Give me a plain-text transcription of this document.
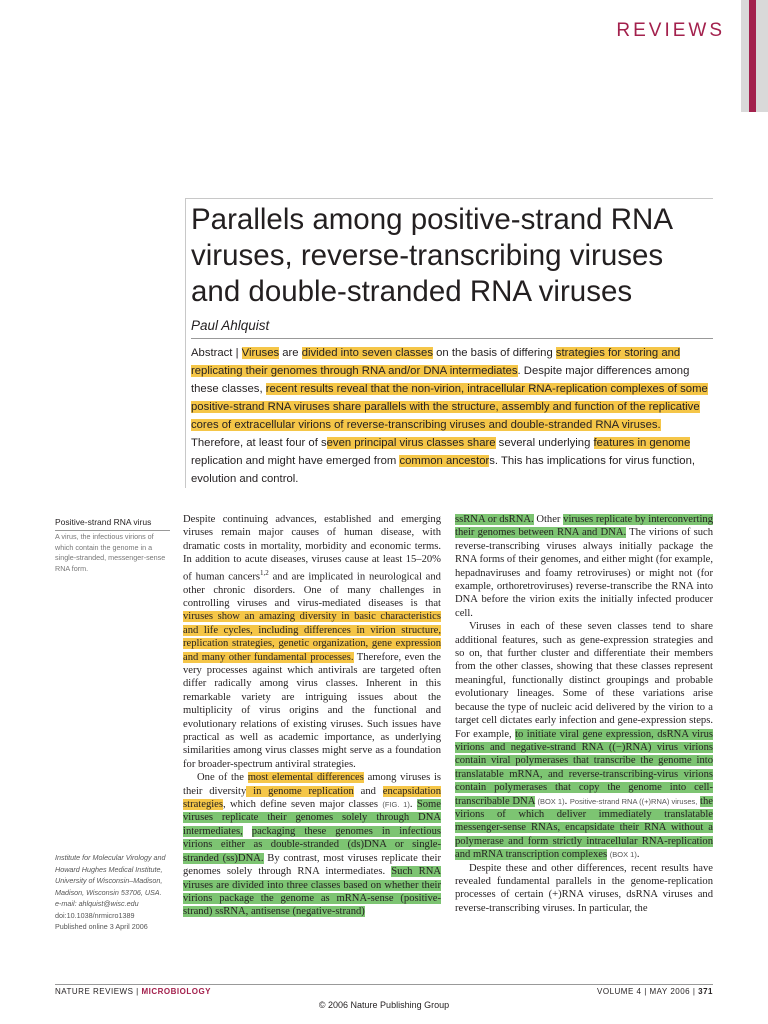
REVIEWS
Parallels among positive-strand RNA viruses, reverse-transcribing viruses and double-stranded RNA viruses
Paul Ahlquist
Abstract | Viruses are divided into seven classes on the basis of differing strategies for storing and replicating their genomes through RNA and/or DNA intermediates. Despite major differences among these classes, recent results reveal that the non-virion, intracellular RNA-replication complexes of some positive-strand RNA viruses share parallels with the structure, assembly and function of the replicative cores of extracellular virions of reverse-transcribing viruses and double-stranded RNA viruses. Therefore, at least four of seven principal virus classes share several underlying features in genome replication and might have emerged from common ancestors. This has implications for virus function, evolution and control.
Positive-strand RNA virus
A virus, the infectious virions of which contain the genome in a single-stranded, messenger-sense RNA form.
Institute for Molecular Virology and Howard Hughes Medical Institute, University of Wisconsin–Madison, Madison, Wisconsin 53706, USA.
e-mail: ahlquist@wisc.edu
doi:10.1038/nrmicro1389
Published online 3 April 2006

Despite continuing advances, established and emerging viruses remain major causes of human disease, with dramatic costs in mortality, morbidity and economic terms. In addition to acute diseases, viruses cause at least 15–20% of human cancers$^{1,2}$ and are implicated in neurological and other chronic disorders. One of many challenges in controlling viruses and virus-mediated diseases is that viruses show an amazing diversity in basic characteristics and life cycles, including differences in virion structure, replication strategies, genetic organization, gene expression and many other fundamental processes. Therefore, even the very processes against which antivirals are targeted often differ radically among virus classes. Inherent in this remarkable variety are intriguing issues about the multiplicity of virus origins and the functional and evolutionary relations of existing viruses. Such issues have practical as well as academic importance, as underlying similarities among virus classes might serve as a foundation for broader-spectrum antiviral strategies.

One of the most elemental differences among viruses is their diversity in genome replication and encapsidation strategies, which define seven major classes (FIG. 1). Some viruses replicate their genomes solely through DNA intermediates, packaging these genomes in infectious virions either as double-stranded (ds)DNA or single-stranded (ss)DNA. By contrast, most viruses replicate their genomes solely through RNA intermediates. Such RNA viruses are divided into three classes based on whether their virions package the genome as mRNA-sense (positive-strand) ssRNA, antisense (negative-strand)

ssRNA or dsRNA. Other viruses replicate by interconverting their genomes between RNA and DNA. The virions of such reverse-transcribing viruses always initially package the RNA forms of their genomes, and either might (for example, hepadnaviruses and foamy retroviruses) or might not (for example, orthoretroviruses) reverse-transcribe the RNA into DNA before the virion exits the initially infected producer cell.

Viruses in each of these seven classes tend to share additional features, such as gene-expression strategies and so on, that further cluster and differentiate their members from the other classes, showing that these classes represent meaningful, functionally distinct groupings and probable evolutionary lineages. Some of these variations arise because the type of nucleic acid delivered by the virion to a target cell dictates early infection and gene-expression steps. For example, to initiate viral gene expression, dsRNA virus virions and negative-strand RNA ((−)RNA) virus virions contain viral polymerases that transcribe the genome into translatable mRNA, and reverse-transcribing-virus virions contain polymerases that copy the genome into cell-transcribable DNA (BOX 1). Positive-strand RNA ((+)RNA) viruses, the virions of which deliver immediately translatable messenger-sense RNAs, encapsidate their RNA without a polymerase and form strictly intracellular RNA-replication and mRNA transcription complexes (BOX 1).

Despite these and other differences, recent results have revealed fundamental parallels in the genome-replication processes of certain (+)RNA viruses, dsRNA viruses and reverse-transcribing viruses. In particular, the

NATURE REVIEWS | MICROBIOLOGY	VOLUME 4 | MAY 2006 | 371
© 2006 Nature Publishing Group
